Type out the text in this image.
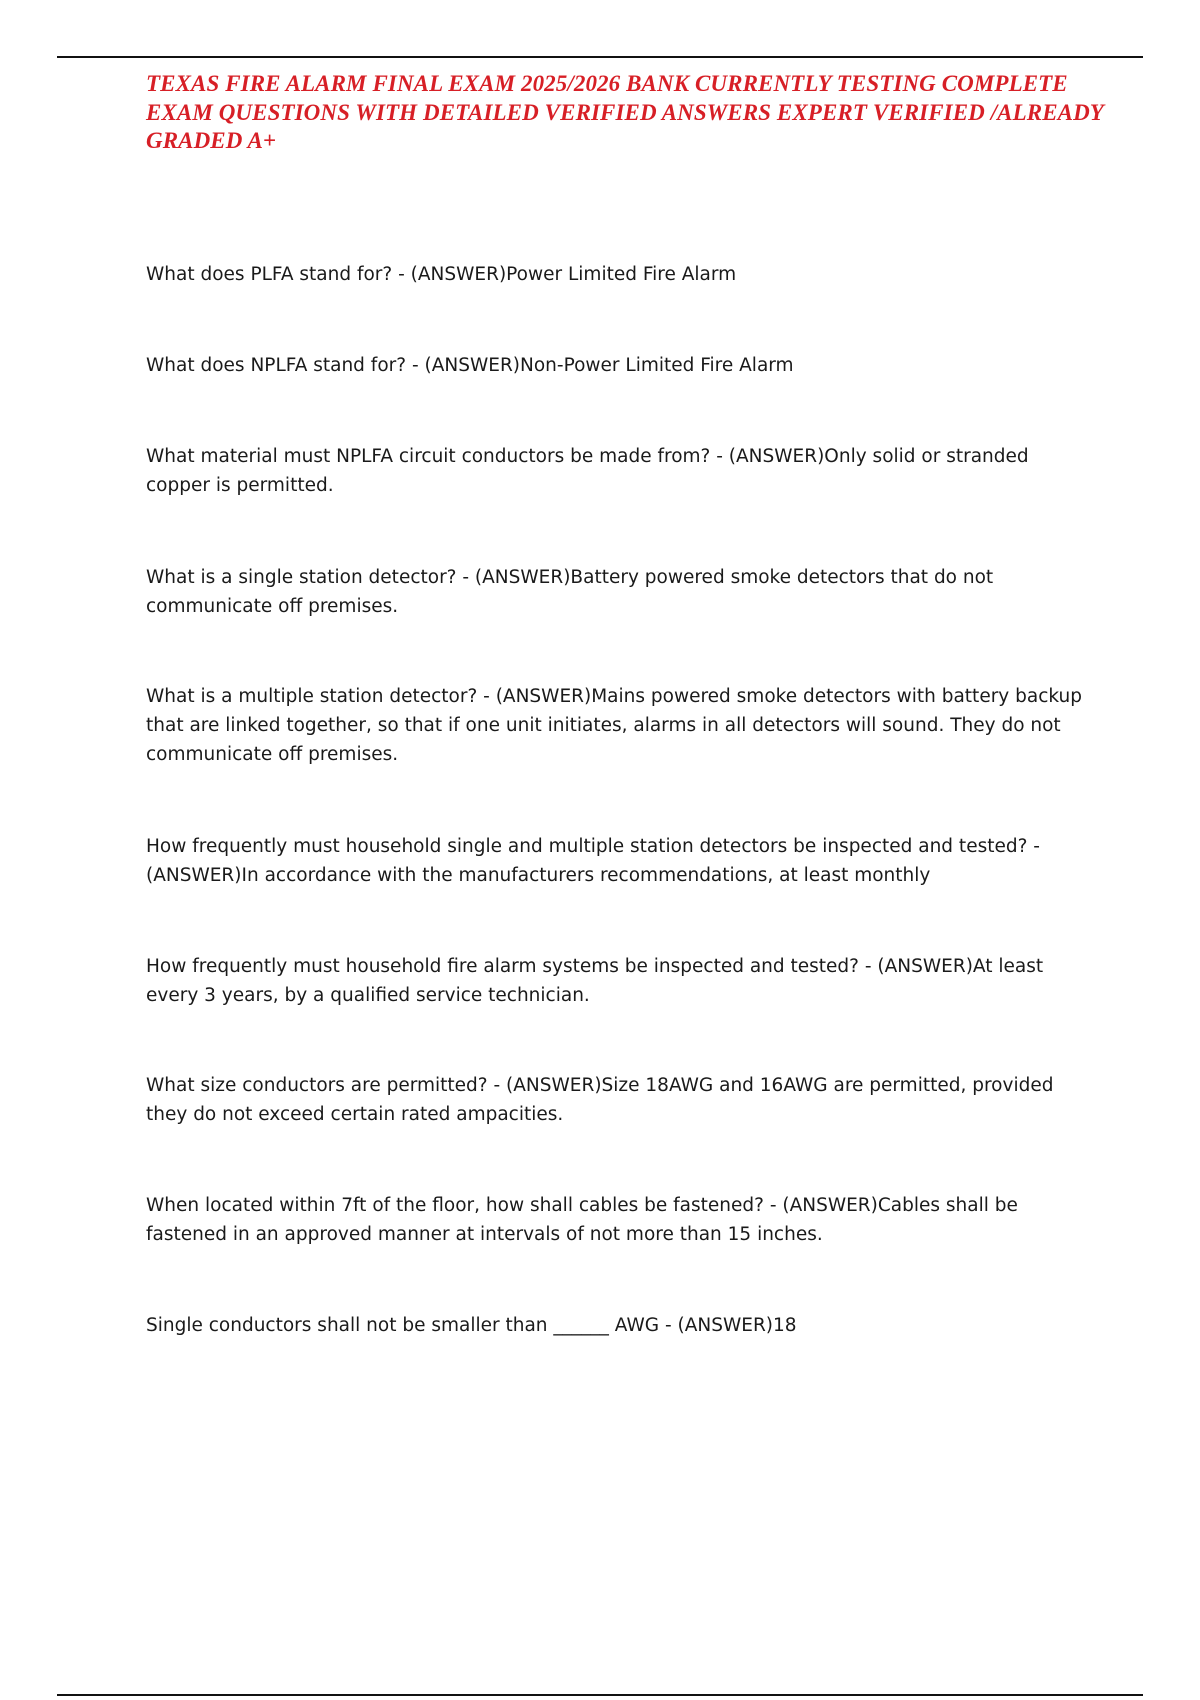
TEXAS FIRE ALARM FINAL EXAM 2025/2026 BANK CURRENTLY TESTING COMPLETE EXAM QUESTIONS WITH DETAILED VERIFIED ANSWERS EXPERT VERIFIED /ALREADY GRADED A+

What does PLFA stand for? - (ANSWER)Power Limited Fire Alarm

What does NPLFA stand for? - (ANSWER)Non-Power Limited Fire Alarm

What material must NPLFA circuit conductors be made from? - (ANSWER)Only solid or stranded copper is permitted.

What is a single station detector? - (ANSWER)Battery powered smoke detectors that do not communicate off premises.

What is a multiple station detector? - (ANSWER)Mains powered smoke detectors with battery backup that are linked together, so that if one unit initiates, alarms in all detectors will sound. They do not communicate off premises.

How frequently must household single and multiple station detectors be inspected and tested? - (ANSWER)In accordance with the manufacturers recommendations, at least monthly

How frequently must household fire alarm systems be inspected and tested? - (ANSWER)At least every 3 years, by a qualified service technician.

What size conductors are permitted? - (ANSWER)Size 18AWG and 16AWG are permitted, provided they do not exceed certain rated ampacities.

When located within 7ft of the floor, how shall cables be fastened? - (ANSWER)Cables shall be fastened in an approved manner at intervals of not more than 15 inches.

Single conductors shall not be smaller than ______ AWG - (ANSWER)18
